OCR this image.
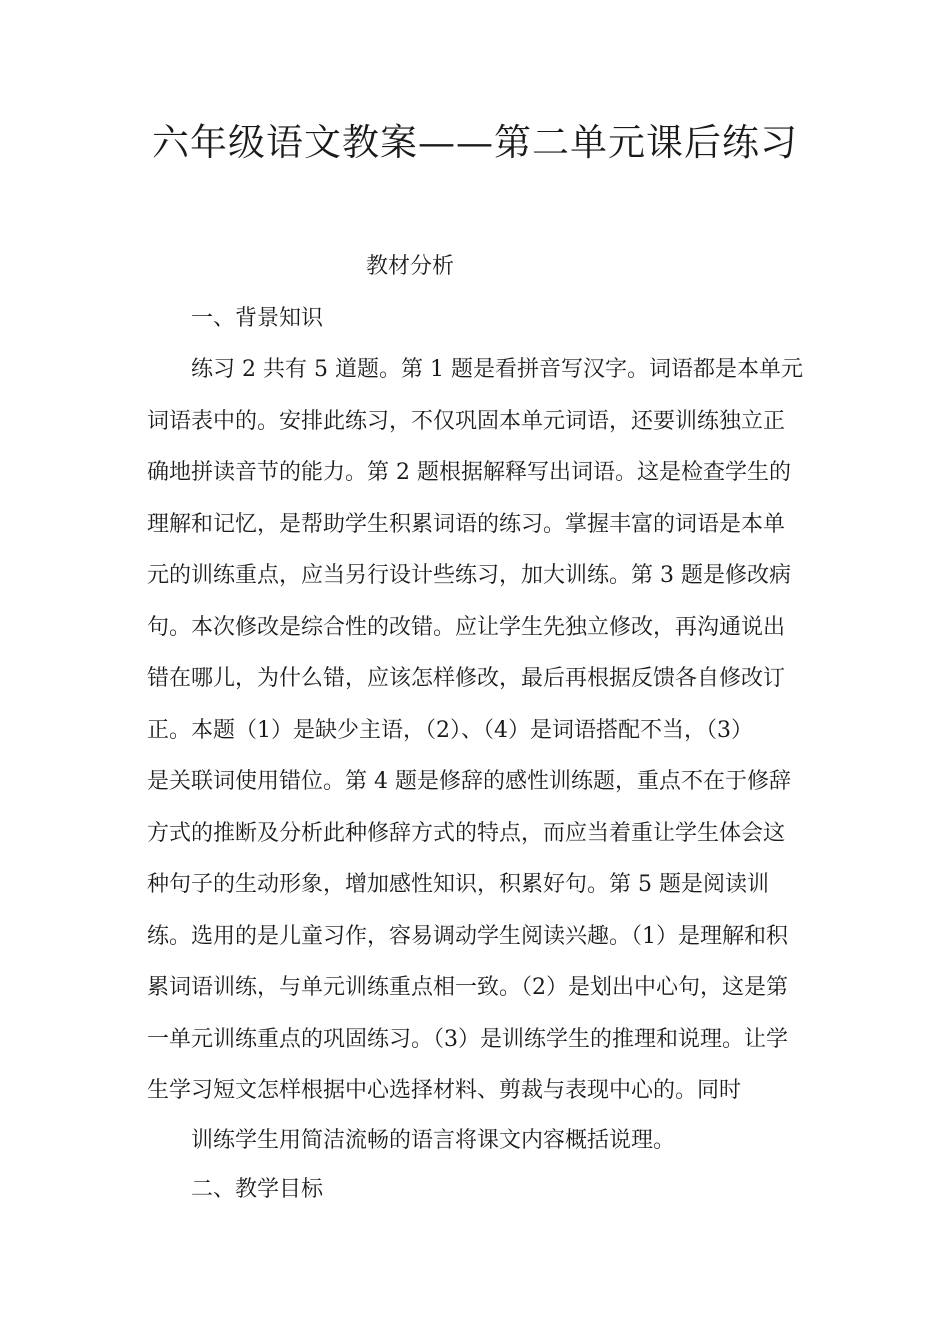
六年级语文教案——第二单元课后练习
教材分析
一、背景知识
　　练习 2 共有 5 道题。第 1 题是看拼音写汉字。词语都是本单元
词语表中的。安排此练习，不仅巩固本单元词语，还要训练独立正
确地拼读音节的能力。第 2 题根据解释写出词语。这是检查学生的
理解和记忆，是帮助学生积累词语的练习。掌握丰富的词语是本单
元的训练重点，应当另行设计些练习，加大训练。第 3 题是修改病
句。本次修改是综合性的改错。应让学生先独立修改，再沟通说出
错在哪儿，为什么错，应该怎样修改，最后再根据反馈各自修改订
正。本题（1）是缺少主语，（2）、（4）是词语搭配不当，（3）
是关联词使用错位。第 4 题是修辞的感性训练题，重点不在于修辞
方式的推断及分析此种修辞方式的特点，而应当着重让学生体会这
种句子的生动形象，增加感性知识，积累好句。第 5 题是阅读训
练。选用的是儿童习作，容易调动学生阅读兴趣。（1）是理解和积
累词语训练，与单元训练重点相一致。（2）是划出中心句，这是第
一单元训练重点的巩固练习。（3）是训练学生的推理和说理。让学
生学习短文怎样根据中心选择材料、剪裁与表现中心的。同时
训练学生用简洁流畅的语言将课文内容概括说理。
二、教学目标
